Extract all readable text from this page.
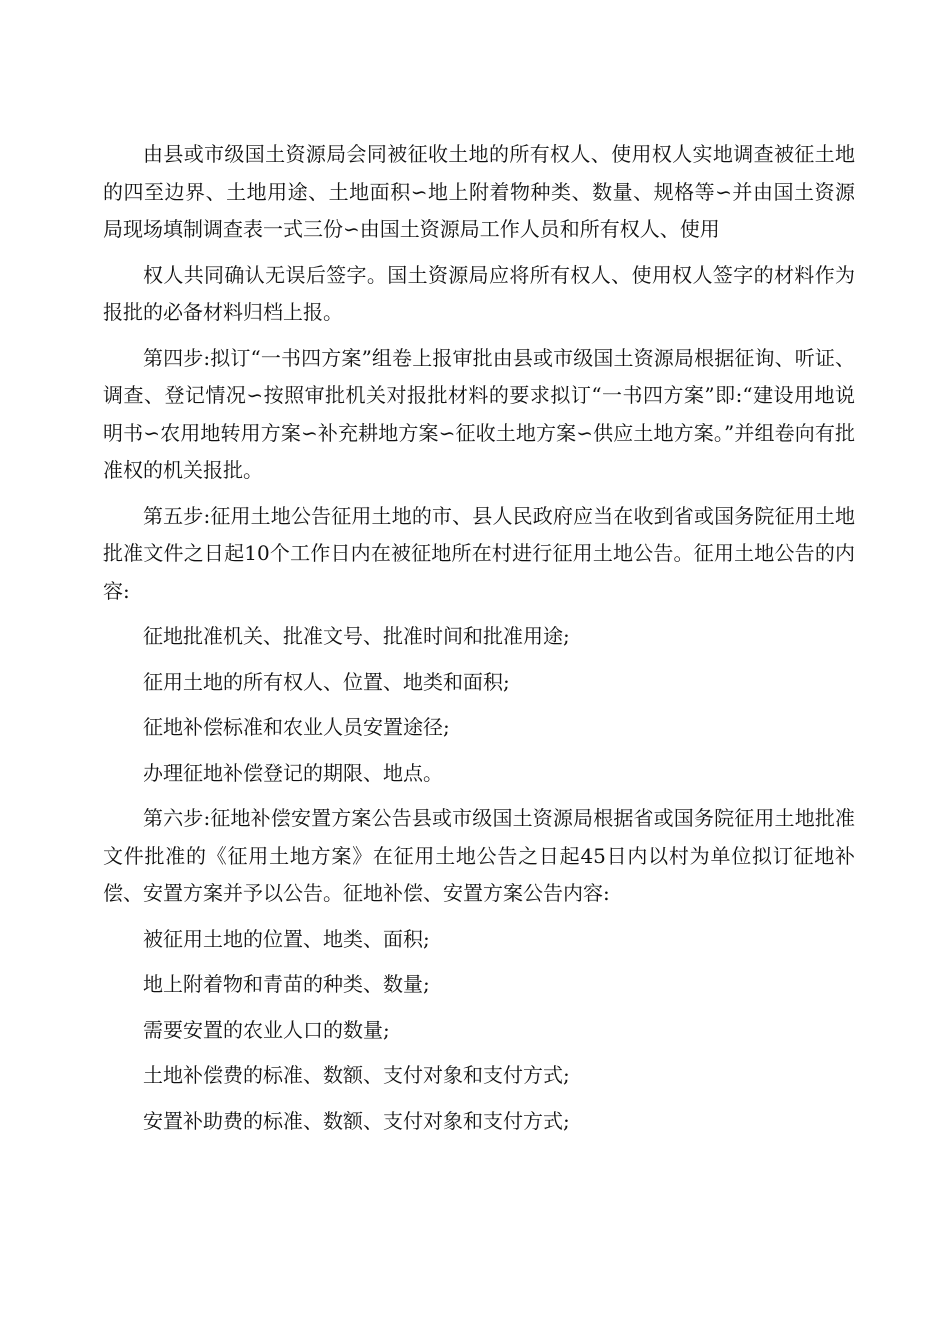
由县或市级国土资源局会同被征收土地的所有权人、使用权人实地调查被征土地的四至边界、土地用途、土地面积∽地上附着物种类、数量、规格等∽并由国土资源局现场填制调查表一式三份∽由国土资源局工作人员和所有权人、使用

权人共同确认无误后签字。国土资源局应将所有权人、使用权人签字的材料作为报批的必备材料归档上报。

第四步:拟订“一书四方案”组卷上报审批由县或市级国土资源局根据征询、听证、调查、登记情况∽按照审批机关对报批材料的要求拟订“一书四方案”即:“建设用地说明书∽农用地转用方案∽补充耕地方案∽征收土地方案∽供应土地方案。”并组卷向有批准权的机关报批。

第五步:征用土地公告征用土地的市、县人民政府应当在收到省或国务院征用土地批准文件之日起10个工作日内在被征地所在村进行征用土地公告。征用土地公告的内容:

征地批准机关、批准文号、批准时间和批准用途;

征用土地的所有权人、位置、地类和面积;

征地补偿标准和农业人员安置途径;

办理征地补偿登记的期限、地点。

第六步:征地补偿安置方案公告县或市级国土资源局根据省或国务院征用土地批准文件批准的《征用土地方案》在征用土地公告之日起45日内以村为单位拟订征地补偿、安置方案并予以公告。征地补偿、安置方案公告内容:

被征用土地的位置、地类、面积;

地上附着物和青苗的种类、数量;

需要安置的农业人口的数量;

土地补偿费的标准、数额、支付对象和支付方式;

安置补助费的标准、数额、支付对象和支付方式;
